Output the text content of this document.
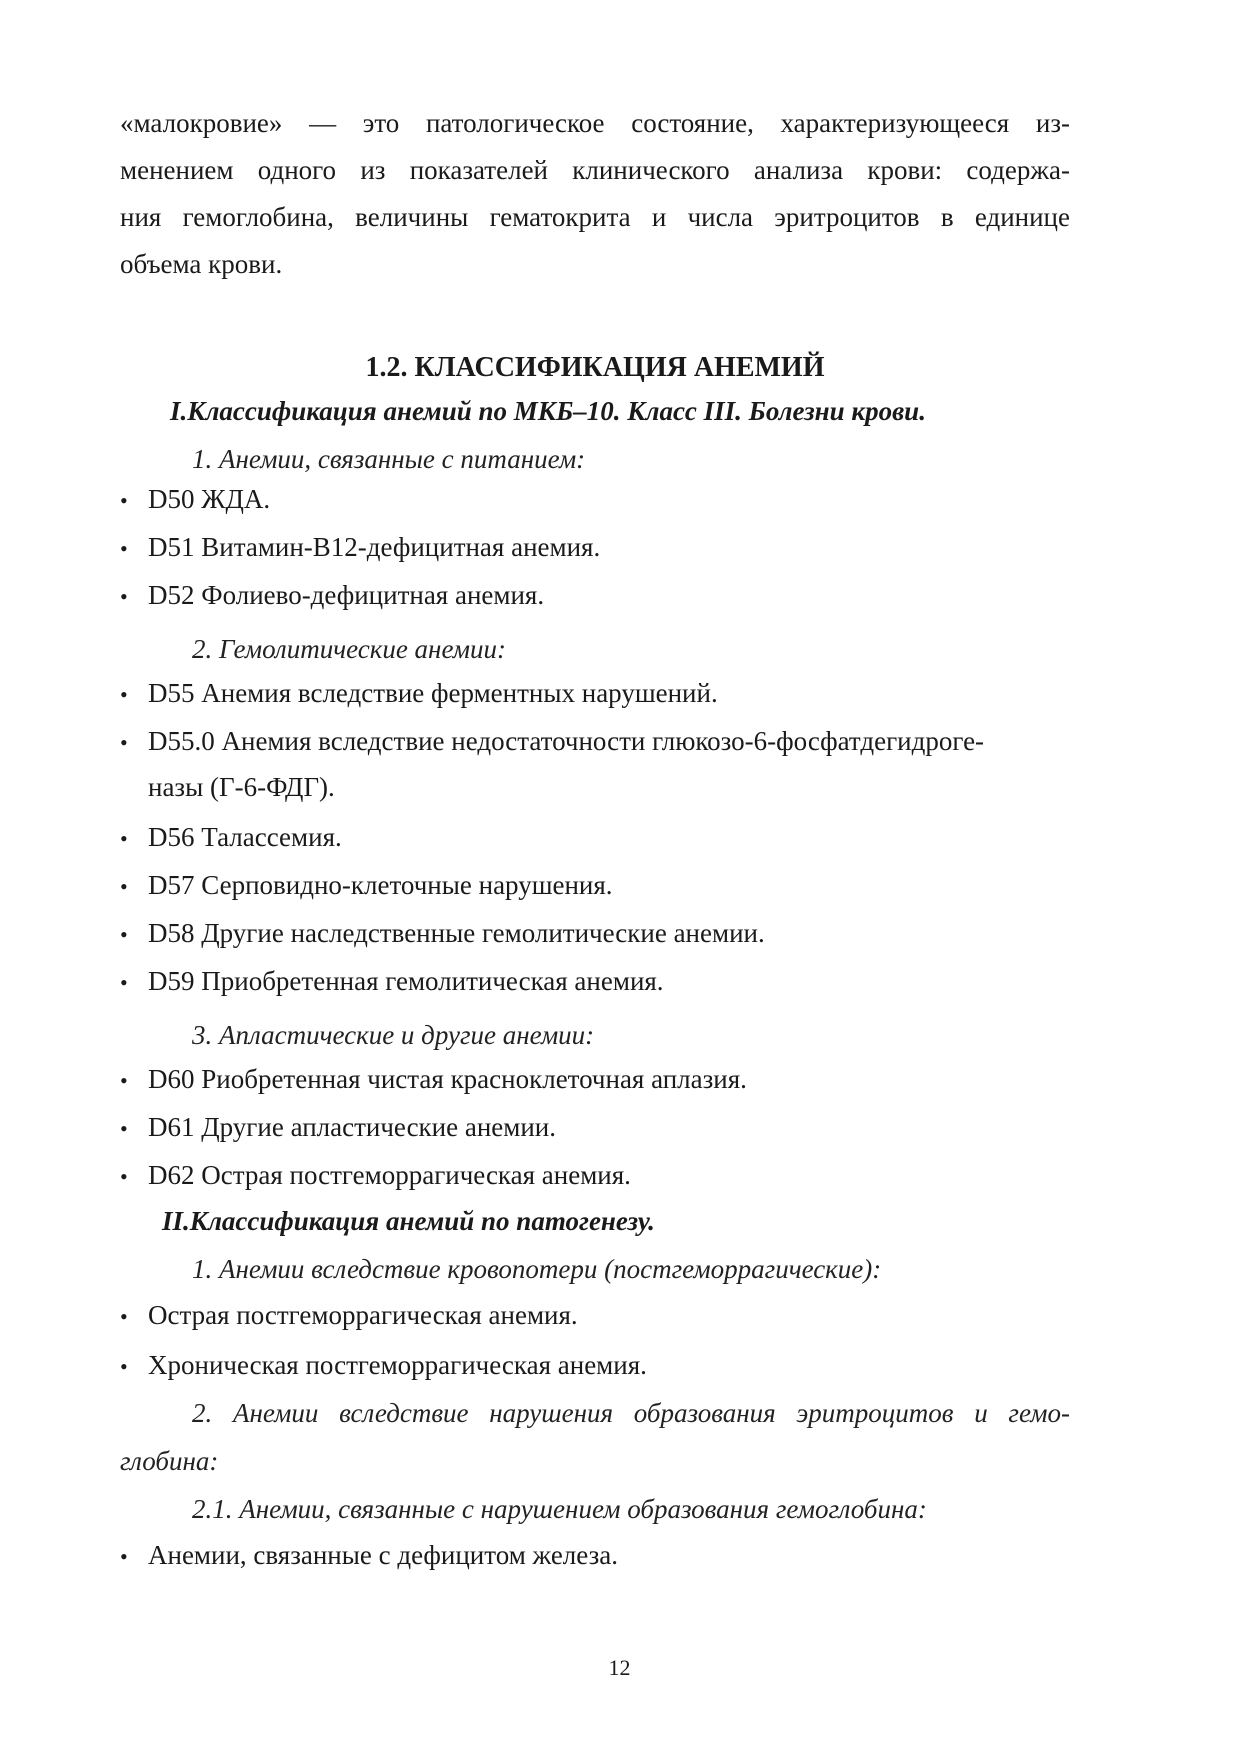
«малокровие» — это патологическое состояние, характеризующееся из-
менением одного из показателей клинического анализа крови: содержа-
ния гемоглобина, величины гематокрита и числа эритроцитов в единице
объема крови.

1.2. КЛАССИФИКАЦИЯ АНЕМИЙ

I.Классификация анемий по МКБ–10. Класс III. Болезни крови.

1. Анемии, связанные с питанием:

• D50 ЖДА.

• D51 Витамин-B12-дефицитная анемия.

• D52 Фолиево-дефицитная анемия.

2. Гемолитические анемии:

• D55 Анемия вследствие ферментных нарушений.

• D55.0 Анемия вследствие недостаточности глюкозо-6-фосфатдегидроге-

назы (Г-6-ФДГ).

• D56 Талассемия.

• D57 Серповидно-клеточные нарушения.

• D58 Другие наследственные гемолитические анемии.

• D59 Приобретенная гемолитическая анемия.

3. Апластические и другие анемии:

• D60 Риобретенная чистая красноклеточная аплазия.

• D61 Другие апластические анемии.

• D62 Острая постгеморрагическая анемия.

II.Классификация анемий по патогенезу.

1. Анемии вследствие кровопотери (постгеморрагические):

• Острая постгеморрагическая анемия.

• Хроническая постгеморрагическая анемия.

2. Анемии вследствие нарушения образования эритроцитов и гемо-

глобина:

2.1. Анемии, связанные с нарушением образования гемоглобина:

• Анемии, связанные с дефицитом железа.

12
